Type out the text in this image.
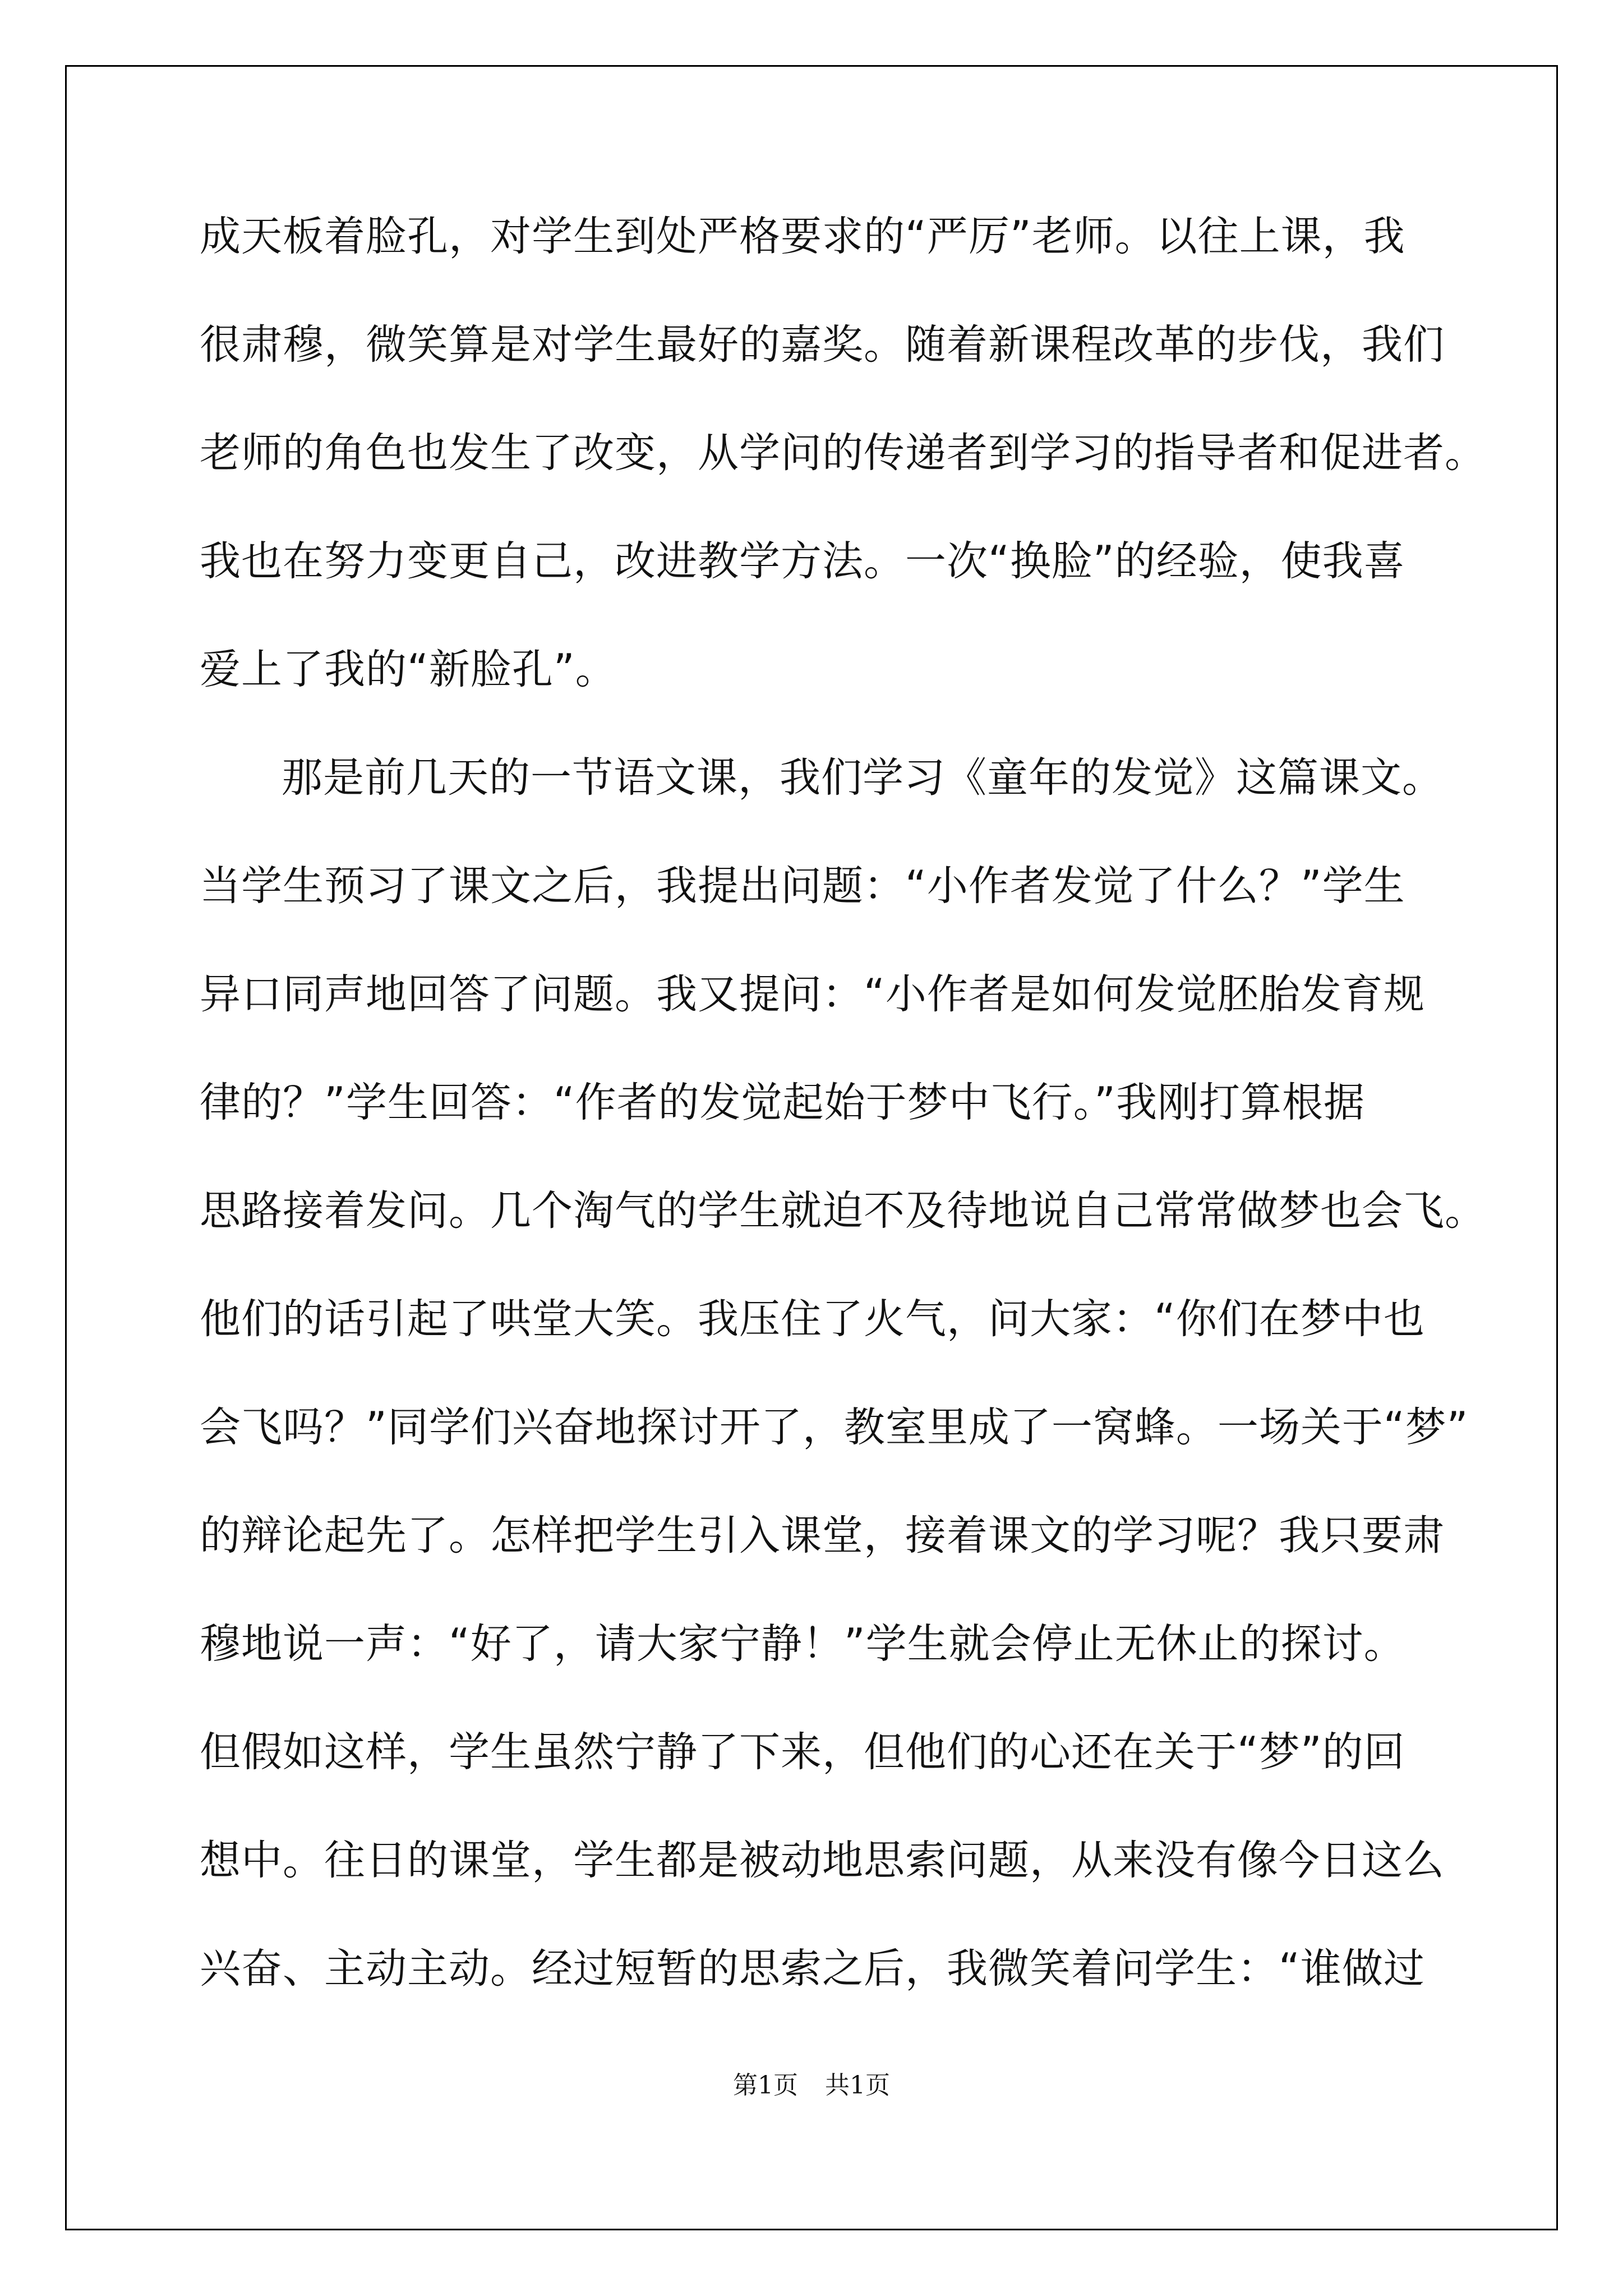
成天板着脸孔，对学生到处严格要求的“严厉”老师。以往上课，我
很肃穆，微笑算是对学生最好的嘉奖。随着新课程改革的步伐，我们
老师的角色也发生了改变，从学问的传递者到学习的指导者和促进者。
我也在努力变更自己，改进教学方法。一次“换脸”的经验，使我喜
爱上了我的“新脸孔”。
那是前几天的一节语文课，我们学习《童年的发觉》这篇课文。
当学生预习了课文之后，我提出问题：“小作者发觉了什么？”学生
异口同声地回答了问题。我又提问：“小作者是如何发觉胚胎发育规
律的？”学生回答：“作者的发觉起始于梦中飞行。”我刚打算根据
思路接着发问。几个淘气的学生就迫不及待地说自己常常做梦也会飞。
他们的话引起了哄堂大笑。我压住了火气，问大家：“你们在梦中也
会飞吗？”同学们兴奋地探讨开了，教室里成了一窝蜂。一场关于“梦”
的辩论起先了。怎样把学生引入课堂，接着课文的学习呢？我只要肃
穆地说一声：“好了，请大家宁静！”学生就会停止无休止的探讨。
但假如这样，学生虽然宁静了下来，但他们的心还在关于“梦”的回
想中。往日的课堂，学生都是被动地思索问题，从来没有像今日这么
兴奋、主动主动。经过短暂的思索之后，我微笑着问学生：“谁做过
第1页 共1页
